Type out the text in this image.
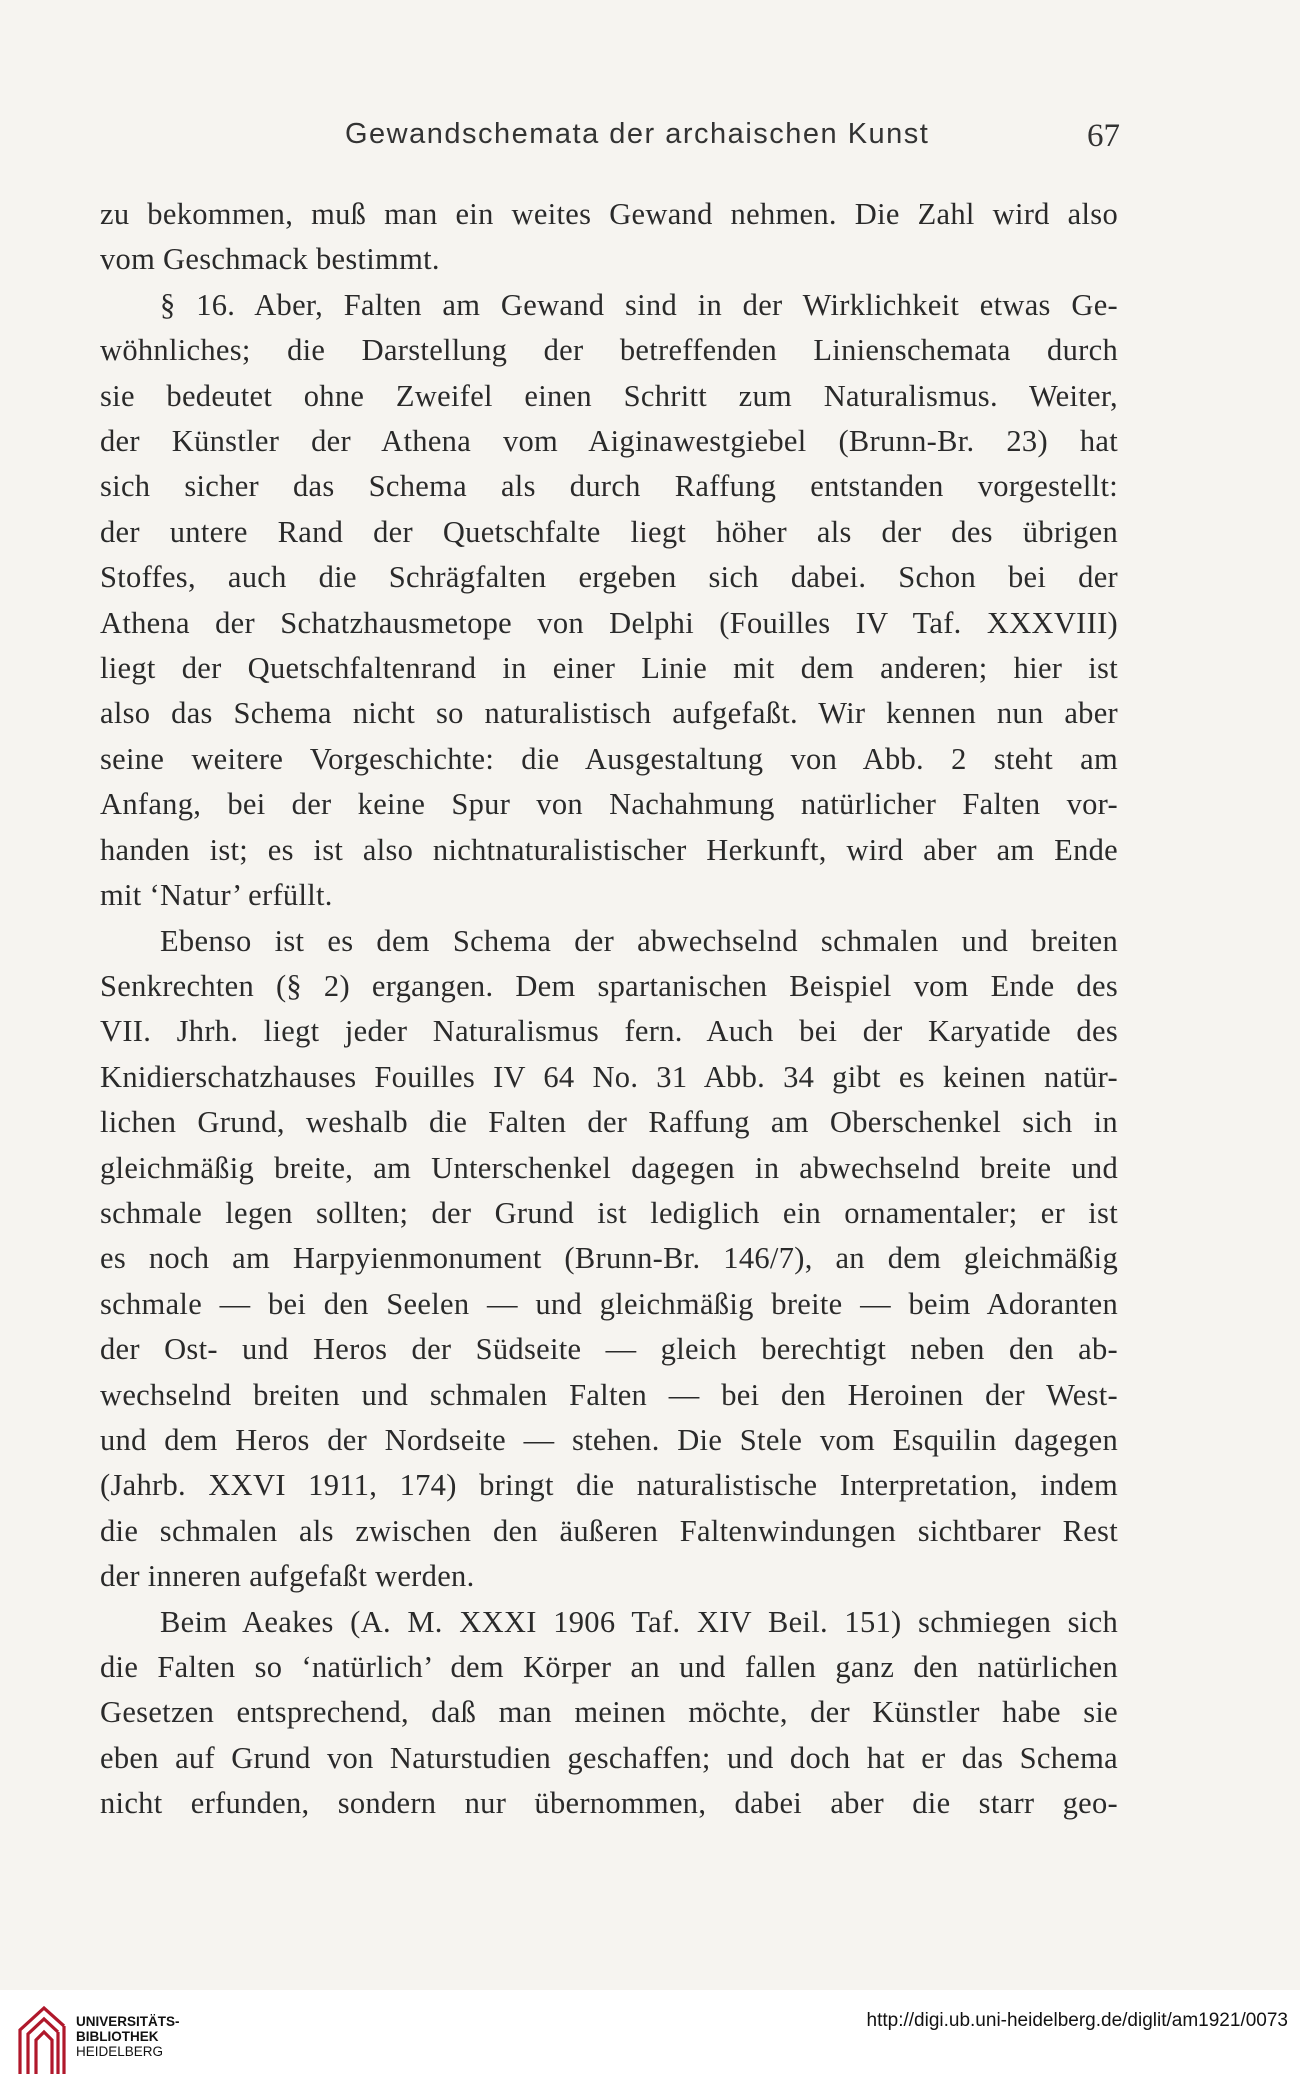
Gewandschemata der archaischen Kunst	67

zu bekommen, muß man ein weites Gewand nehmen. Die Zahl wird also

vom Geschmack bestimmt.

§ 16. Aber, Falten am Gewand sind in der Wirklichkeit etwas Ge-

wöhnliches; die Darstellung der betreffenden Linienschemata durch

sie bedeutet ohne Zweifel einen Schritt zum Naturalismus. Weiter,

der Künstler der Athena vom Aiginawestgiebel (Brunn-Br. 23) hat

sich sicher das Schema als durch Raffung entstanden vorgestellt:

der untere Rand der Quetschfalte liegt höher als der des übrigen

Stoffes, auch die Schrägfalten ergeben sich dabei. Schon bei der

Athena der Schatzhausmetope von Delphi (Fouilles IV Taf. XXXVIII)

liegt der Quetschfaltenrand in einer Linie mit dem anderen; hier ist

also das Schema nicht so naturalistisch aufgefaßt. Wir kennen nun aber

seine weitere Vorgeschichte: die Ausgestaltung von Abb. 2 steht am

Anfang, bei der keine Spur von Nachahmung natürlicher Falten vor-

handen ist; es ist also nichtnaturalistischer Herkunft, wird aber am Ende

mit ‘Natur’ erfüllt.

Ebenso ist es dem Schema der abwechselnd schmalen und breiten

Senkrechten (§ 2) ergangen. Dem spartanischen Beispiel vom Ende des

VII. Jhrh. liegt jeder Naturalismus fern. Auch bei der Karyatide des

Knidierschatzhauses Fouilles IV 64 No. 31 Abb. 34 gibt es keinen natür-

lichen Grund, weshalb die Falten der Raffung am Oberschenkel sich in

gleichmäßig breite, am Unterschenkel dagegen in abwechselnd breite und

schmale legen sollten; der Grund ist lediglich ein ornamentaler; er ist

es noch am Harpyienmonument (Brunn-Br. 146/7), an dem gleichmäßig

schmale — bei den Seelen — und gleichmäßig breite — beim Adoranten

der Ost- und Heros der Südseite — gleich berechtigt neben den ab-

wechselnd breiten und schmalen Falten — bei den Heroinen der West-

und dem Heros der Nordseite — stehen. Die Stele vom Esquilin dagegen

(Jahrb. XXVI 1911, 174) bringt die naturalistische Interpretation, indem

die schmalen als zwischen den äußeren Faltenwindungen sichtbarer Rest

der inneren aufgefaßt werden.

Beim Aeakes (A. M. XXXI 1906 Taf. XIV Beil. 151) schmiegen sich

die Falten so ‘natürlich’ dem Körper an und fallen ganz den natürlichen

Gesetzen entsprechend, daß man meinen möchte, der Künstler habe sie

eben auf Grund von Naturstudien geschaffen; und doch hat er das Schema

nicht erfunden, sondern nur übernommen, dabei aber die starr geo-

UNIVERSITÄTS-
BIBLIOTHEK
HEIDELBERG
http://digi.ub.uni-heidelberg.de/diglit/am1921/0073
